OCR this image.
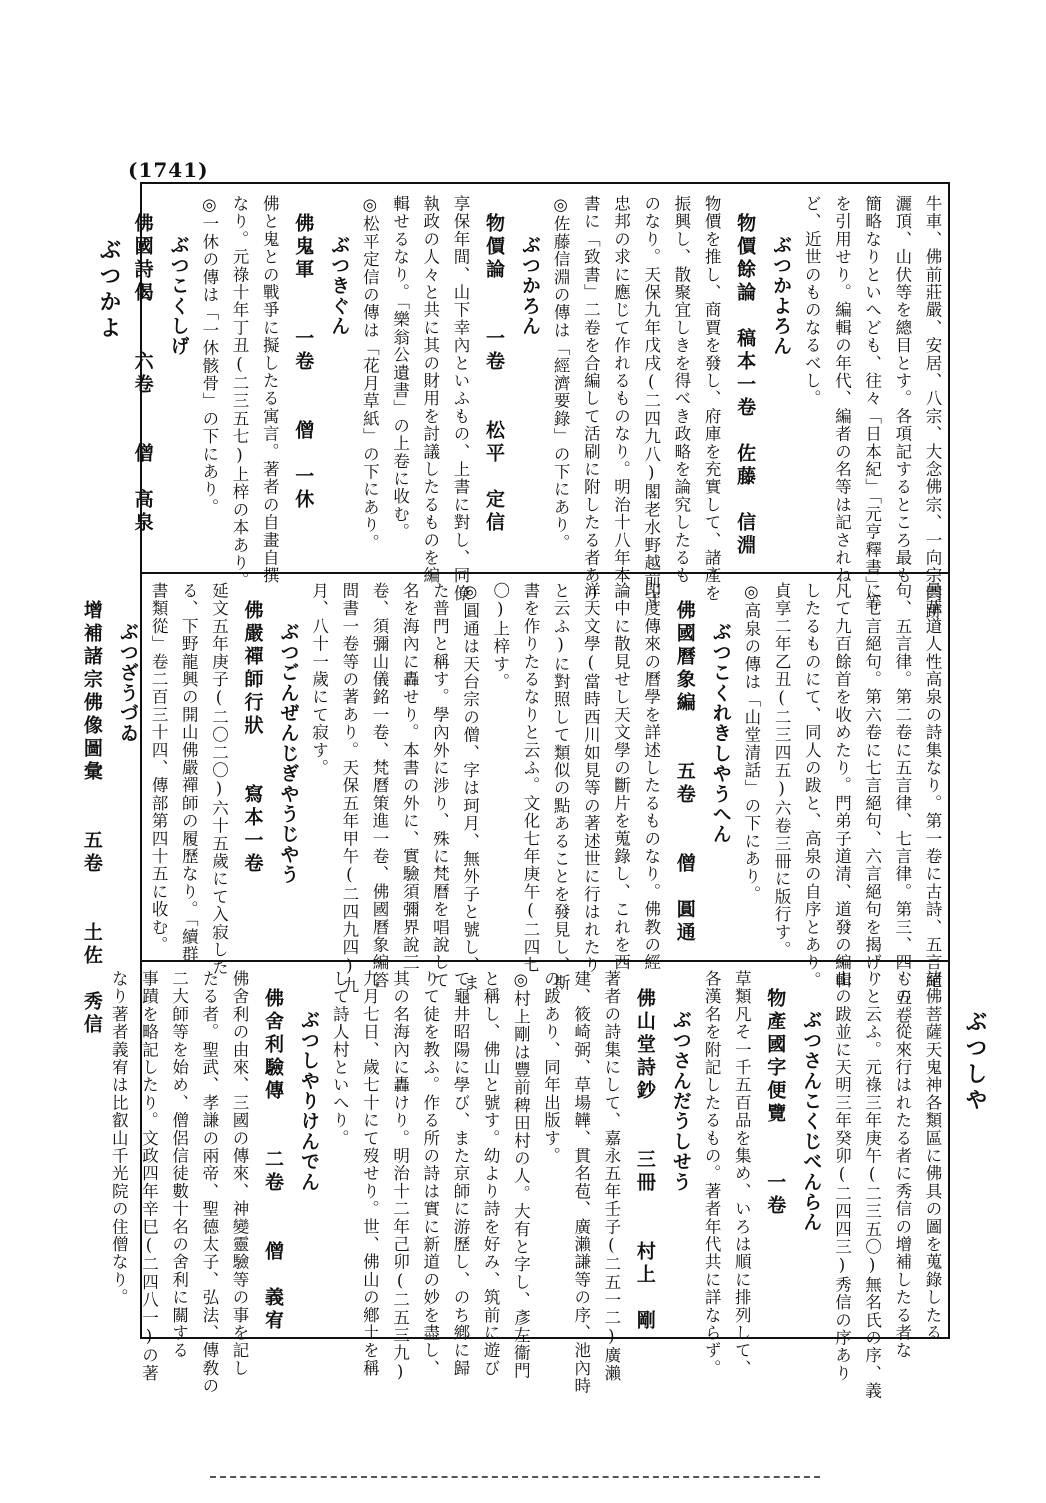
(1741)
ぶつかよ
ぶつしや
牛車、佛前莊嚴、安居、八宗、大念佛宗、一向宗門跡、
灑頂、山伏等を總目とす。各項記するところ最も
簡略なりといへども、往々「日本紀」「元亨釋書」等
を引用せり。編輯の年代、編者の名等は記されね
ど、近世のものなるべし。
ぶつかよろん
物價餘論　稿本一卷　佐藤　信淵
物價を推し、商賈を發し、府庫を充實して、諸產を
振興し、散聚宜しきを得べき政略を論究したるも
のなり。天保九年戊戌(二四九八)閣老水野越前守
忠邦の求に應じて作れるものなり。明治十八年本
書に「致書」二卷を合編して活刷に附したる者あり
◎佐藤信淵の傳は「經濟要錄」の下にあり。
ぶつかろん
物價論　　一卷　　松平　定信
享保年間、山下幸內といふもの、上書に對し、同僚
執政の人々と共に其の財用を討議したるものを編
輯せるなり。「樂翁公遺書」の上卷に收む。
◎松平定信の傳は「花月草紙」の下にあり。
ぶつきぐん
佛鬼軍　　一卷　　僧　一休
佛と鬼との戰爭に擬したる寓言。著者の自畫自撰
なり。元祿十年丁丑(二三五七)上梓の本あり。
◎一休の傳は「一休骸骨」の下にあり。
ぶつこくしげ
佛國詩偈　　六卷　　僧　高泉
曇華道人性高泉の詩集なり。第一卷に古詩、五言絕
句、五言律。第二卷に五言律、七言律。第三、四、五卷
に七言絕句。第六卷に七言絕句、六言絕句を揭げ、
凡て九百餘首を收めたり。門弟子道清、道發の編輯
したるものにて、同人の跋と、高泉の自序とあり。
貞享二年乙丑(二三四五)六卷三冊に版行す。
◎高泉の傳は「山堂清話」の下にあり。
ぶつこくれきしやうへん
佛國曆象編　　五卷　　僧　圓通
印度傳來の曆學を詳述したるものなり。佛教の經
論中に散見せし天文學の斷片を蒐錄し、これを西
洋天文學(當時西川如見等の著述世に行はれたり
と云ふ)に對照して類似の點あることを發見し、斯
書を作りたるなりと云ふ。文化七年庚午(二四七
〇)上梓す。
◎圓通は天台宗の僧、字は珂月、無外子と號し、ま
た普門と稱す。學內外に涉り、殊に梵曆を唱說して
名を海內に轟せり。本書の外に、實驗須彌界說三
卷、須彌山儀銘一卷、梵曆策進一卷、佛國曆象編答
問書一卷等の著あり。天保五年甲午(二四九四)九
月、八十一歲にて寂す。
ぶつごんぜんじぎやうじやう
佛嚴禪師行狀　　寫本一卷
延文五年庚子(二〇二〇)六十五歲にて入寂した
る、下野龍興の開山佛嚴禪師の履歷なり。「續群
書類從」卷二百三十四、傳部第四十五に收む。
ぶつざうづゐ
增補諸宗佛像圖彙　　五卷　　土佐　秀信
諸佛菩薩天鬼神各類區に佛具の圖を蒐錄したる
もの。從來行はれたる者に秀信の增補したる者な
りと云ふ。元祿三年庚午(二三五〇)無名氏の序、義
山の跋並に天明三年癸卯(二四四三)秀信の序あり
ぶつさんこくじべんらん
物產國字便覽　　一卷
草類凡そ一千五百品を集め、いろは順に排列して、
各漢名を附記したるもの。著者年代共に詳ならず。
ぶつさんだうしせう
佛山堂詩鈔　　三冊　　村上　剛
著者の詩集にして、嘉永五年壬子(二五一二)廣瀨
建、筱崎弼、草場韡、貫名苞、廣瀨謙等の序、池內時
の跋あり、同年出版す。
◎村上剛は豐前稗田村の人。大有と字し、彥左衞門
と稱し、佛山と號す。幼より詩を好み、筑前に遊び
て龜井昭陽に學び、また京師に游歷し、のち鄕に歸
りて徒を教ふ。作る所の詩は實に新道の妙を盡し、
其の名海內に轟けり。明治十二年己卯(二五三九)
九月七日、歲七十にて歿せり。世、佛山の鄕土を稱
して詩人村といへり。
ぶつしやりけんでん
佛舍利驗傳　　二卷　　僧　義宥
佛舍利の由來、三國の傳來、神變靈驗等の事を記し
たる者。聖武、孝謙の兩帝、聖德太子、弘法、傳敎の
二大師等を始め、僧侶信徒數十名の舍利に關する
事蹟を略記したり。文政四年辛巳(二四八一)の著
なり著者義宥は比叡山千光院の住僧なり。
